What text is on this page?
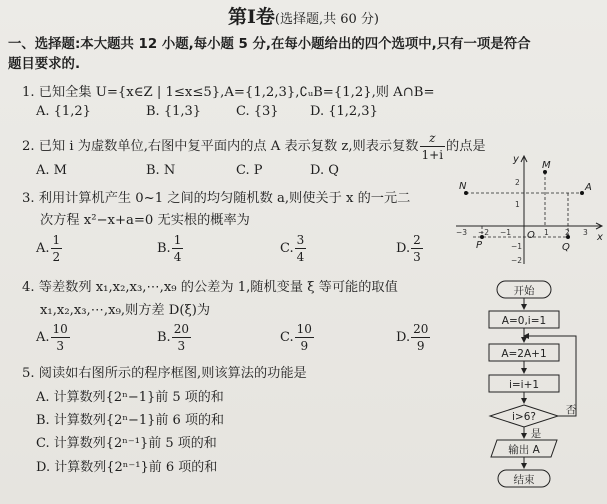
第Ⅰ卷(选择题,共 60 分)
一、选择题:本大题共 12 小题,每小题 5 分,在每小题给出的四个选项中,只有一项是符合
题目要求的.
1. 已知全集 U={x∈Z | 1≤x≤5},A={1,2,3},∁ᵤB={1,2},则 A∩B=
A. {1,2}	B. {1,3}	C. {3} D. {1,2,3}
2. 已知 i 为虚数单位,右图中复平面内的点 A 表示复数 z,则表示复数 $\frac{z}{1+i}$ 的点是
A. M	B. N	C. P	D. Q
3. 利用计算机产生 0~1 之间的均匀随机数 a,则使关于 x 的一元二
次方程 x²−x+a=0 无实根的概率为
A. $\frac{1}{2}$	B. $\frac{1}{4}$	C. $\frac{3}{4}$	D. $\frac{2}{3}$
4. 等差数列 x₁,x₂,x₃,⋯,x₉ 的公差为 1,随机变量 ξ 等可能的取值
x₁,x₂,x₃,⋯,x₉,则方差 D(ξ)为
A. $\frac{10}{3}$	B. $\frac{20}{3}$	C. $\frac{10}{9}$	D. $\frac{20}{9}$
5. 阅读如右图所示的程序框图,则该算法的功能是
A. 计算数列{2ⁿ−1}前 5 项的和
B. 计算数列{2ⁿ−1}前 6 项的和
C. 计算数列{2ⁿ⁻¹}前 5 项的和
D. 计算数列{2ⁿ⁻¹}前 6 项的和
y
x
O
M
N	A
P	Q
−3 −2 −1	1 2 3
2
1
−1
−2
开始
A=0,i=1
A=2A+1
i=i+1
i>6?
输出 A
结束
否
是
